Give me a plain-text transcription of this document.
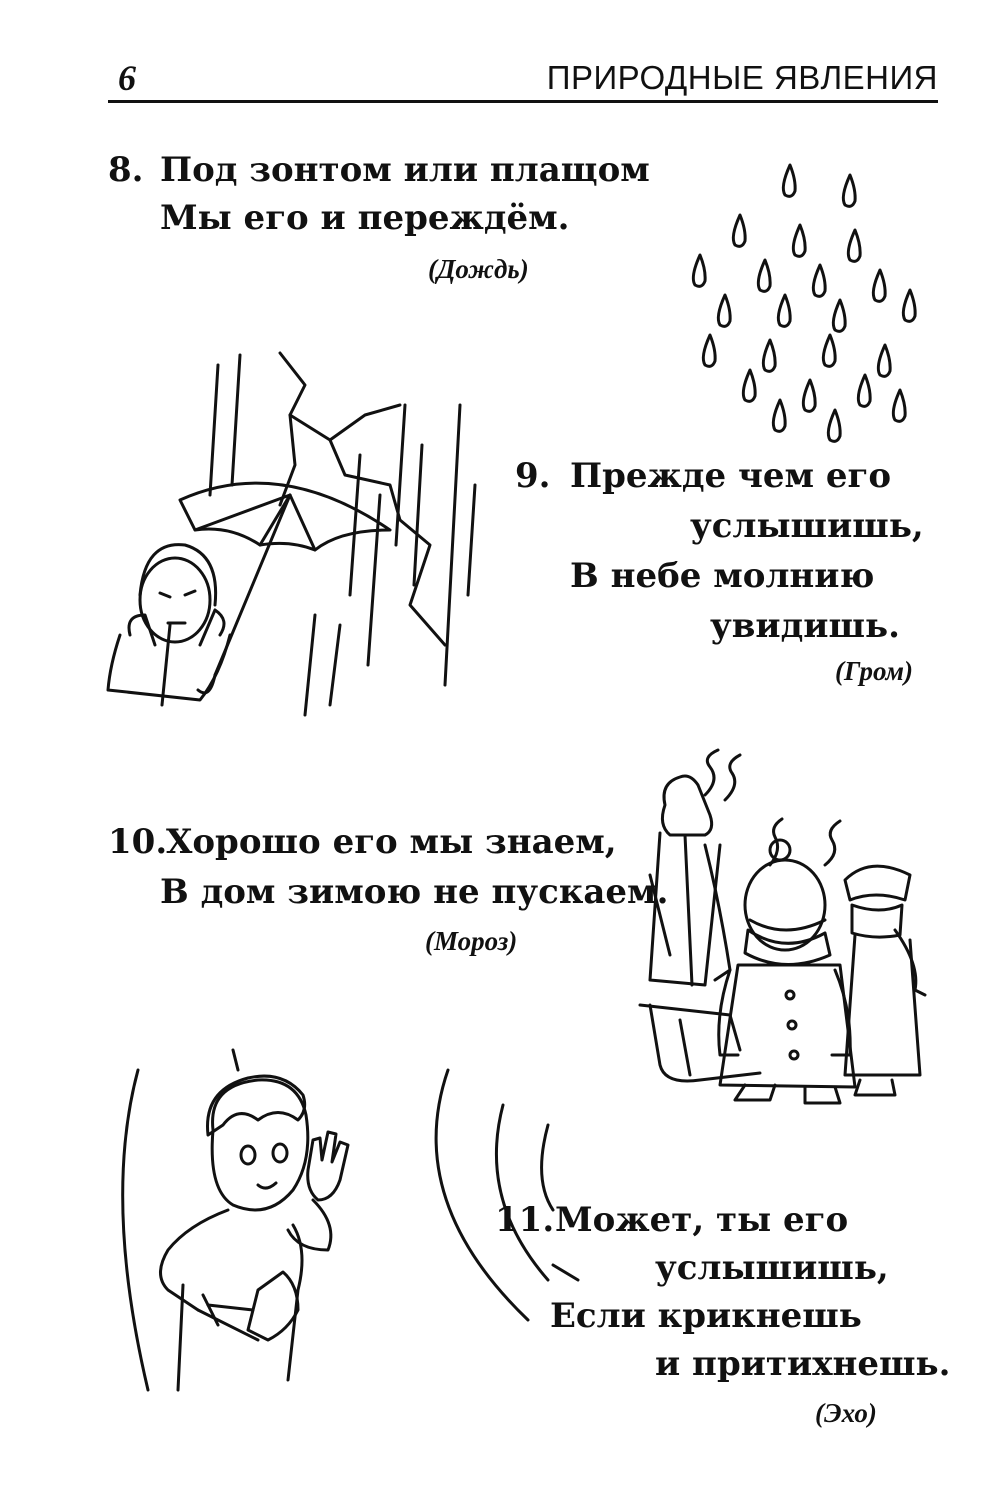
6	ПРИРОДНЫЕ ЯВЛЕНИЯ
8. Под зонтом или плащом
Мы его и переждём.
(Дождь)
9. Прежде чем его
услышишь,
В небе молнию
увидишь.
(Гром)
10.
Хорошо его мы знаем,
В дом зимою не пускаем.
(Мороз)
11. Может, ты его
услышишь,
Если крикнешь
и притихнешь.
(Эхо)
